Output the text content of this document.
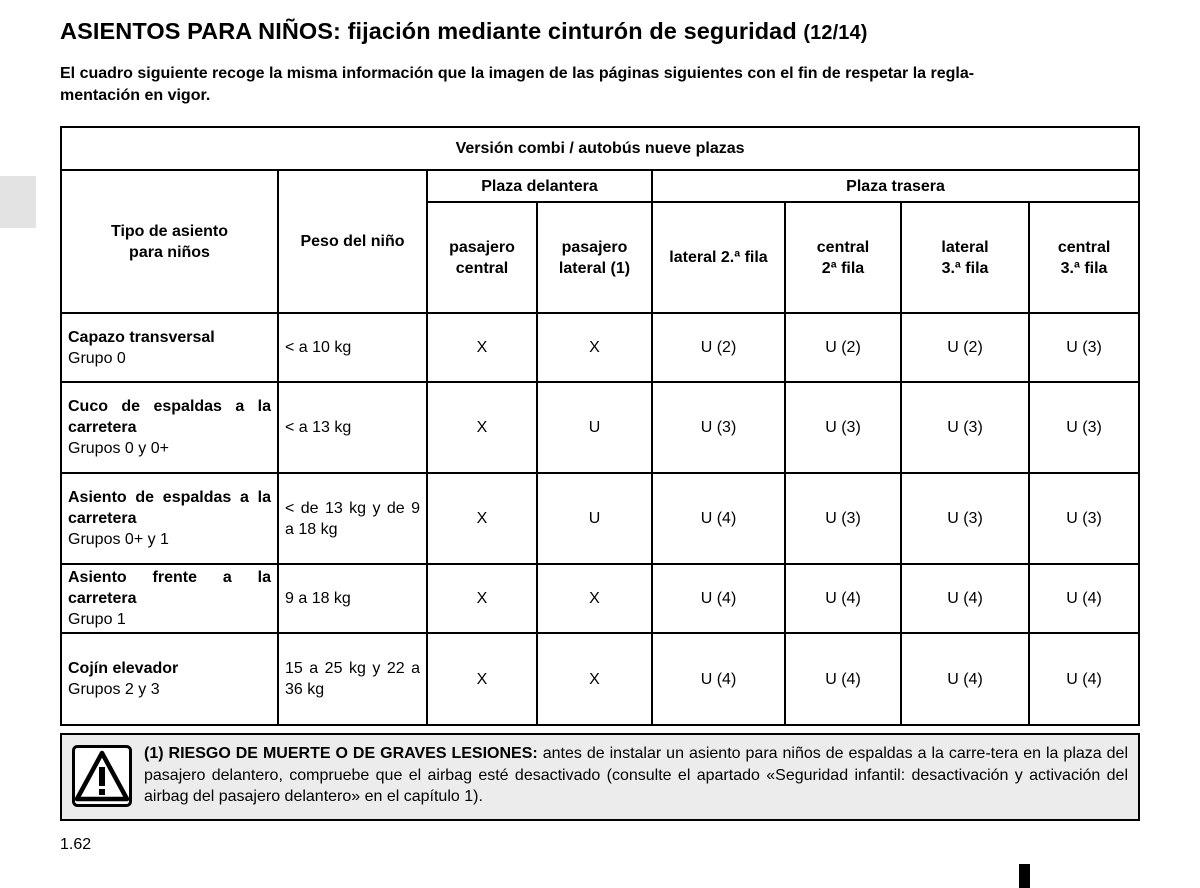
ASIENTOS PARA NIÑOS: fijación mediante cinturón de seguridad (12/14)
El cuadro siguiente recoge la misma información que la imagen de las páginas siguientes con el fin de respetar la regla-
mentación en vigor.
Versión combi / autobús nueve plazas							

Tipo de asiento para niños	Peso del niño	Plaza delantera		Plaza trasera			

		pasajero central	pasajero lateral (1)	lateral 2.ª fila	central 2ª fila	lateral 3.ª fila	central 3.ª fila

Capazo transversal
Grupo 0	< a 10 kg	X	X	U (2)	U (2)	U (2)	U (3)

Cuco de espaldas a la carretera
Grupos 0 y 0+	< a 13 kg	X	U	U (3)	U (3)	U (3)	U (3)

Asiento de espaldas a la carretera
Grupos 0+ y 1	< de 13 kg y de 9 a 18 kg	X	U	U (4)	U (3)	U (3)	U (3)

Asiento frente a la carretera
Grupo 1	9 a 18 kg	X	X	U (4)	U (4)	U (4)	U (4)

Cojín elevador
Grupos 2 y 3	15 a 25 kg y 22 a 36 kg	X	X	U (4)	U (4)	U (4)	U (4)
(1) RIESGO DE MUERTE O DE GRAVES LESIONES: antes de instalar un asiento para niños de espaldas a la carre-tera en la plaza del pasajero delantero, compruebe que el airbag esté desactivado (consulte el apartado «Seguridad infantil: desactivación y activación del airbag del pasajero delantero» en el capítulo 1).
1.62
